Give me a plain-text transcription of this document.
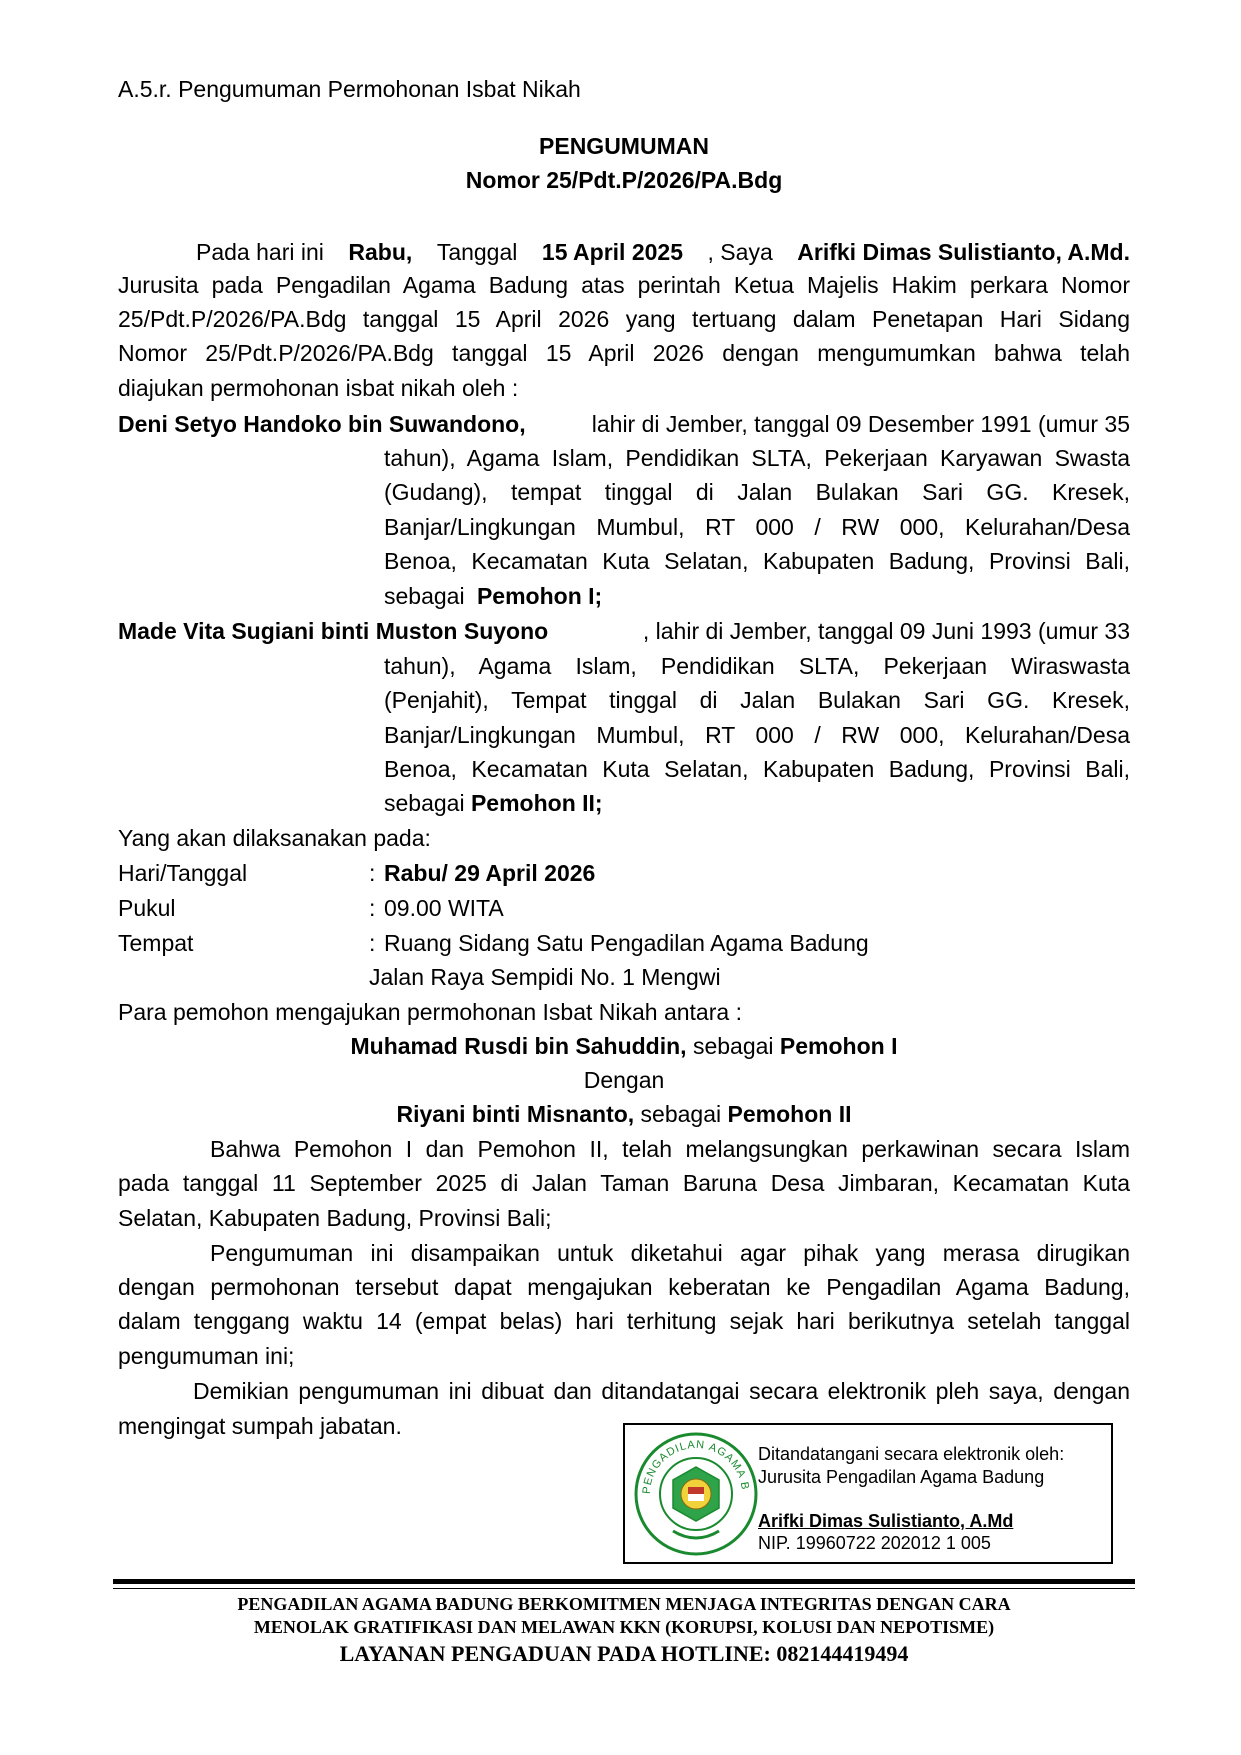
A.5.r. Pengumuman Permohonan Isbat Nikah
PENGUMUMAN
Nomor 25/Pdt.P/2026/PA.Bdg
Pada hari ini Rabu, Tanggal 15 April 2025 , Saya Arifki Dimas Sulistianto, A.Md.
Jurusita pada Pengadilan Agama Badung atas perintah Ketua Majelis Hakim perkara Nomor
25/Pdt.P/2026/PA.Bdg tanggal 15 April 2026 yang tertuang dalam Penetapan Hari Sidang
Nomor 25/Pdt.P/2026/PA.Bdg tanggal 15 April 2026 dengan mengumumkan bahwa telah
diajukan permohonan isbat nikah oleh :
Deni Setyo Handoko bin Suwandono,	lahir di Jember, tanggal 09 Desember 1991 (umur 35
tahun), Agama Islam, Pendidikan SLTA, Pekerjaan Karyawan Swasta
(Gudang), tempat tinggal di Jalan Bulakan Sari GG. Kresek,
Banjar/Lingkungan Mumbul, RT 000 / RW 000, Kelurahan/Desa
Benoa, Kecamatan Kuta Selatan, Kabupaten Badung, Provinsi Bali,
sebagai Pemohon I;
Made Vita Sugiani binti Muston Suyono	, lahir di Jember, tanggal 09 Juni 1993 (umur 33
tahun), Agama Islam, Pendidikan SLTA, Pekerjaan Wiraswasta
(Penjahit), Tempat tinggal di Jalan Bulakan Sari GG. Kresek,
Banjar/Lingkungan Mumbul, RT 000 / RW 000, Kelurahan/Desa
Benoa, Kecamatan Kuta Selatan, Kabupaten Badung, Provinsi Bali,
sebagai Pemohon II;
Yang akan dilaksanakan pada:
Hari/Tanggal	: Rabu/ 29 April 2026
Pukul	: 09.00 WITA
Tempat	: Ruang Sidang Satu Pengadilan Agama Badung
Jalan Raya Sempidi No. 1 Mengwi
Para pemohon mengajukan permohonan Isbat Nikah antara :
Muhamad Rusdi bin Sahuddin, sebagai Pemohon I
Dengan
Riyani binti Misnanto, sebagai Pemohon II
Bahwa Pemohon I dan Pemohon II, telah melangsungkan perkawinan secara Islam
pada tanggal 11 September 2025 di Jalan Taman Baruna Desa Jimbaran, Kecamatan Kuta
Selatan, Kabupaten Badung, Provinsi Bali;
Pengumuman ini disampaikan untuk diketahui agar pihak yang merasa dirugikan
dengan permohonan tersebut dapat mengajukan keberatan ke Pengadilan Agama Badung,
dalam tenggang waktu 14 (empat belas) hari terhitung sejak hari berikutnya setelah tanggal
pengumuman ini;
Demikian pengumuman ini dibuat dan ditandatangai secara elektronik pleh saya, dengan
mengingat sumpah jabatan.
PENGADILAN AGAMA B
Ditandatangani secara elektronik oleh:
Jurusita Pengadilan Agama Badung
Arifki Dimas Sulistianto, A.Md
NIP. 19960722 202012 1 005
PENGADILAN AGAMA BADUNG BERKOMITMEN MENJAGA INTEGRITAS DENGAN CARA
MENOLAK GRATIFIKASI DAN MELAWAN KKN (KORUPSI, KOLUSI DAN NEPOTISME)
LAYANAN PENGADUAN PADA HOTLINE: 082144419494
